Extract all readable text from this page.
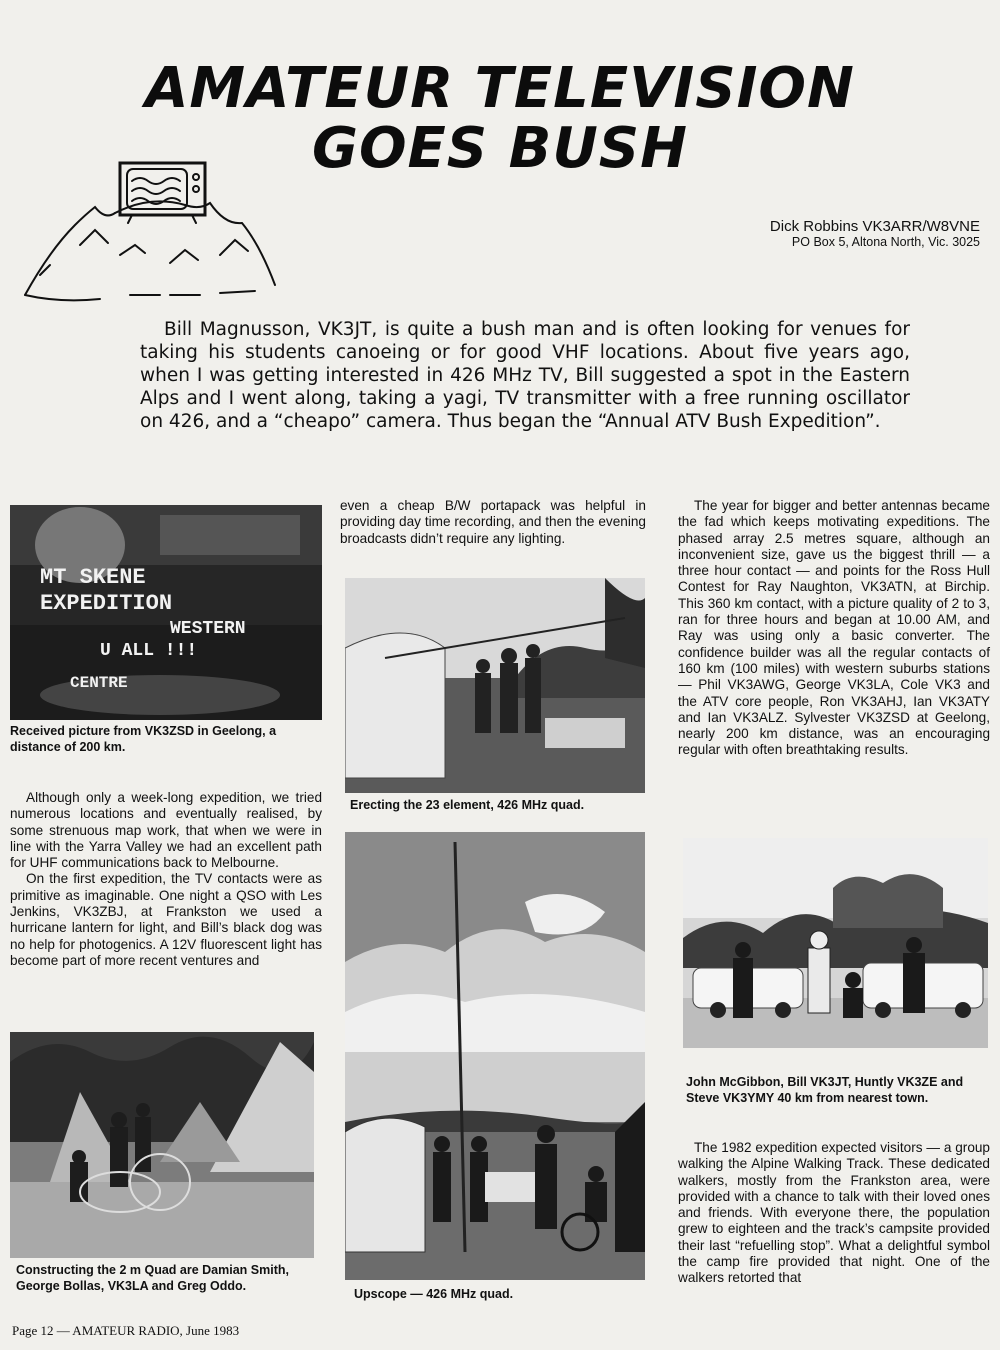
AMATEUR TELEVISION
GOES BUSH
Dick Robbins VK3ARR/W8VNE
PO Box 5, Altona North, Vic. 3025

Bill Magnusson, VK3JT, is quite a bush man and is often looking for venues for taking his students canoeing or for good VHF locations. About five years ago, when I was getting interested in 426 MHz TV, Bill suggested a spot in the Eastern Alps and I went along, taking a yagi, TV transmitter with a free running oscillator on 426, and a “cheapo” camera. Thus began the “Annual ATV Bush Expedition”.

MT SKENE
EXPEDITION
WESTERN
U ALL !!!
CENTRE
Received picture from VK3ZSD in Geelong, a distance of 200 km.

Although only a week-long expedition, we tried numerous locations and eventually realised, by some strenuous map work, that when we were in line with the Yarra Valley we had an excellent path for UHF communications back to Melbourne.

On the first expedition, the TV contacts were as primitive as imaginable. One night a QSO with Les Jenkins, VK3ZBJ, at Frankston we used a hurricane lantern for light, and Bill’s black dog was no help for photogenics. A 12V fluorescent light has become part of more recent ventures and

Constructing the 2 m Quad are Damian Smith, George Bollas, VK3LA and Greg Oddo.

even a cheap B/W portapack was helpful in providing day time recording, and then the evening broadcasts didn’t require any lighting.

Erecting the 23 element, 426 MHz quad.
Upscope — 426 MHz quad.

The year for bigger and better antennas became the fad which keeps motivating expeditions. The phased array 2.5 metres square, although an inconvenient size, gave us the biggest thrill — a three hour contact — and points for the Ross Hull Contest for Ray Naughton, VK3ATN, at Birchip. This 360 km contact, with a picture quality of 2 to 3, ran for three hours and began at 10.00 AM, and Ray was using only a basic converter. The confidence builder was all the regular contacts of 160 km (100 miles) with western suburbs stations — Phil VK3AWG, George VK3LA, Cole VK3 and the ATV core people, Ron VK3AHJ, Ian VK3ATY and Ian VK3ALZ. Sylvester VK3ZSD at Geelong, nearly 200 km distance, was an encouraging regular with often breathtaking results.

John McGibbon, Bill VK3JT, Huntly VK3ZE and Steve VK3YMY 40 km from nearest town.

The 1982 expedition expected visitors — a group walking the Alpine Walking Track. These dedicated walkers, mostly from the Frankston area, were provided with a chance to talk with their loved ones and friends. With everyone there, the population grew to eighteen and the track’s campsite provided their last “refuelling stop”. What a delightful symbol the camp fire provided that night. One of the walkers retorted that

Page 12 — AMATEUR RADIO, June 1983
